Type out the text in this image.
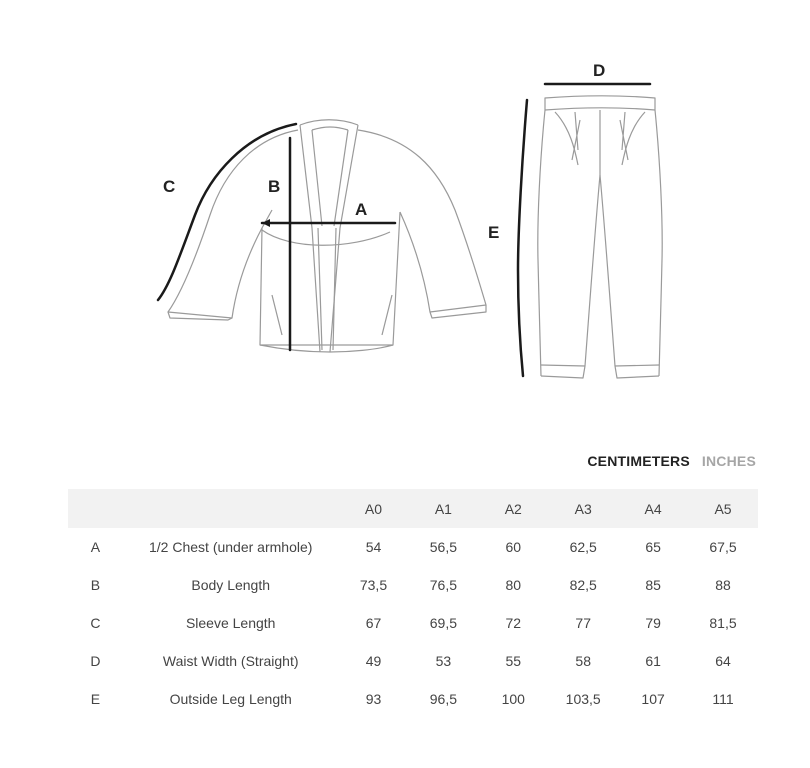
C	B
A
D
E
CENTIMETERS INCHES
		A0	A1	A2	A3	A4	A5
A	1/2 Chest (under armhole)	54	56,5	60	62,5	65	67,5
B	Body Length	73,5	76,5	80	82,5	85	88
C	Sleeve Length	67	69,5	72	77	79	81,5
D	Waist Width (Straight)	49	53	55	58	61	64
E	Outside Leg Length	93	96,5	100	103,5	107	111
